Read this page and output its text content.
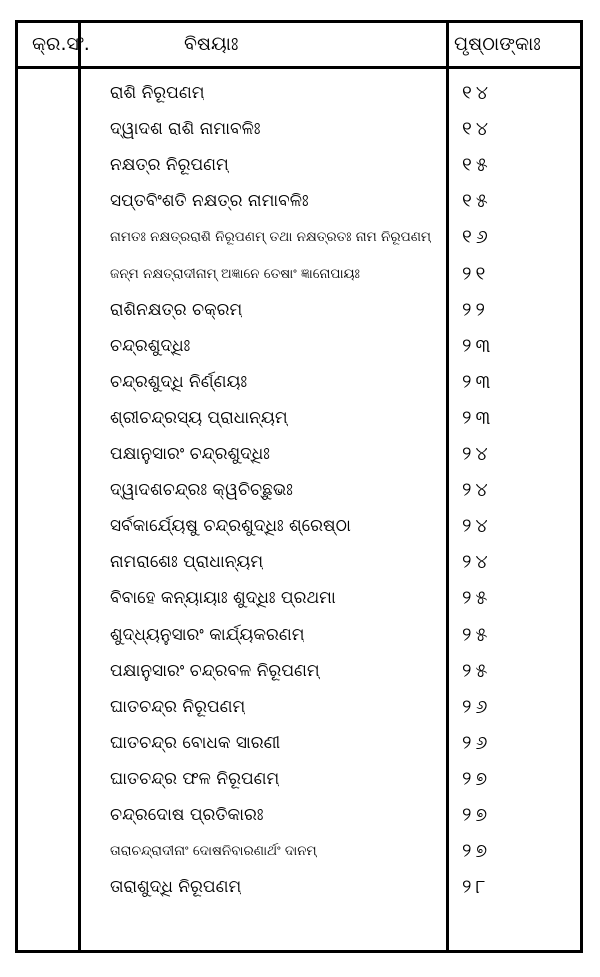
କ୍ର.ସଂ.	ବିଷୟାଃ	ପୃଷ୍ଠାଙ୍କାଃ
ରାଶି ନିରୂପଣମ୍	୧୪
ଦ୍ୱାଦଶ ରାଶି ନାମାବଳିଃ	୧୪
ନକ୍ଷତ୍ର ନିରୂପଣମ୍	୧୫
ସପ୍ତବିଂଶତି ନକ୍ଷତ୍ର ନାମାବଳିଃ	୧୫
ନାମତଃ ନକ୍ଷତ୍ରରାଶି ନିରୂପଣମ୍ ତଥା ନକ୍ଷତ୍ରତଃ ନାମ ନିରୂପଣମ୍ ୧୬
ଜନ୍ମ ନକ୍ଷତ୍ରାଦୀନାମ୍ ଅଜ୍ଞାନେ ତେଷାଂ ଜ୍ଞାନୋପାୟଃ	୨୧
ରାଶିନକ୍ଷତ୍ର ଚକ୍ରମ୍	୨୨
ଚନ୍ଦ୍ରଶୁଦ୍ଧିଃ	୨୩
ଚନ୍ଦ୍ରଶୁଦ୍ଧି ନିର୍ଣ୍ଣୟଃ	୨୩
ଶ୍ରୀଚନ୍ଦ୍ରସ୍ୟ ପ୍ରାଧାନ୍ୟମ୍	୨୩
ପକ୍ଷାନୁସାରଂ ଚନ୍ଦ୍ରଶୁଦ୍ଧିଃ	୨୪
ଦ୍ୱାଦଶଚନ୍ଦ୍ରଃ କ୍ୱଚିଚ୍ଛୁଭଃ	୨୪
ସର୍ବକାର୍ଯ୍ୟେଷୁ ଚନ୍ଦ୍ରଶୁଦ୍ଧିଃ ଶ୍ରେଷ୍ଠା	୨୪
ନାମରାଶେଃ ପ୍ରାଧାନ୍ୟମ୍	୨୪
ବିବାହେ କନ୍ୟାୟାଃ ଶୁଦ୍ଧିଃ ପ୍ରଥମା	୨୫
ଶୁଦ୍ଧ୍ୟନୁସାରଂ କାର୍ଯ୍ୟକରଣମ୍	୨୫
ପକ୍ଷାନୁସାରଂ ଚନ୍ଦ୍ରବଳ ନିରୂପଣମ୍	୨୫
ଘାତଚନ୍ଦ୍ର ନିରୂପଣମ୍	୨୬
ଘାତଚନ୍ଦ୍ର ବୋଧକ ସାରଣୀ	୨୬
ଘାତଚନ୍ଦ୍ର ଫଳ ନିରୂପଣମ୍	୨୭
ଚନ୍ଦ୍ରଦୋଷ ପ୍ରତିକାରଃ	୨୭
ତାରାଚନ୍ଦ୍ରାଦୀନାଂ ଦୋଷନିବାରଣାର୍ଥଂ ଦାନମ୍	୨୭
ତାରାଶୁଦ୍ଧି ନିରୂପଣମ୍	୨୮
